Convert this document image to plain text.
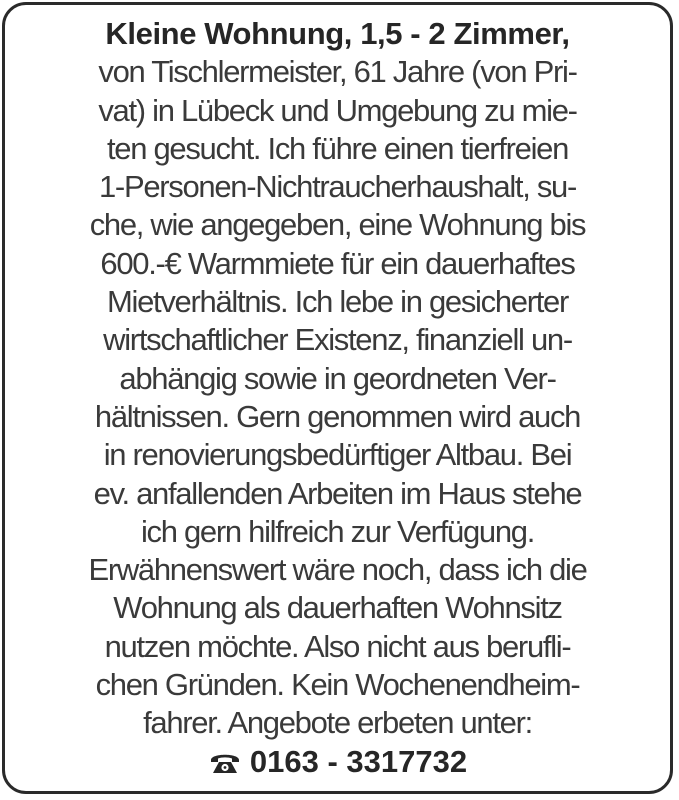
Kleine Wohnung, 1,5 - 2 Zimmer,
von Tischlermeister, 61 Jahre (von Pri-
vat) in Lübeck und Umgebung zu mie-
ten gesucht. Ich führe einen tierfreien
1-Personen-Nichtraucherhaushalt, su-
che, wie angegeben, eine Wohnung bis
600.-€ Warmmiete für ein dauerhaftes
Mietverhältnis. Ich lebe in gesicherter
wirtschaftlicher Existenz, finanziell un-
abhängig sowie in geordneten Ver-
hältnissen. Gern genommen wird auch
in renovierungsbedürftiger Altbau. Bei
ev. anfallenden Arbeiten im Haus stehe
ich gern hilfreich zur Verfügung.
Erwähnenswert wäre noch, dass ich die
Wohnung als dauerhaften Wohnsitz
nutzen möchte. Also nicht aus berufli-
chen Gründen. Kein Wochenendheim-
fahrer. Angebote erbeten unter:
0163 - 3317732
